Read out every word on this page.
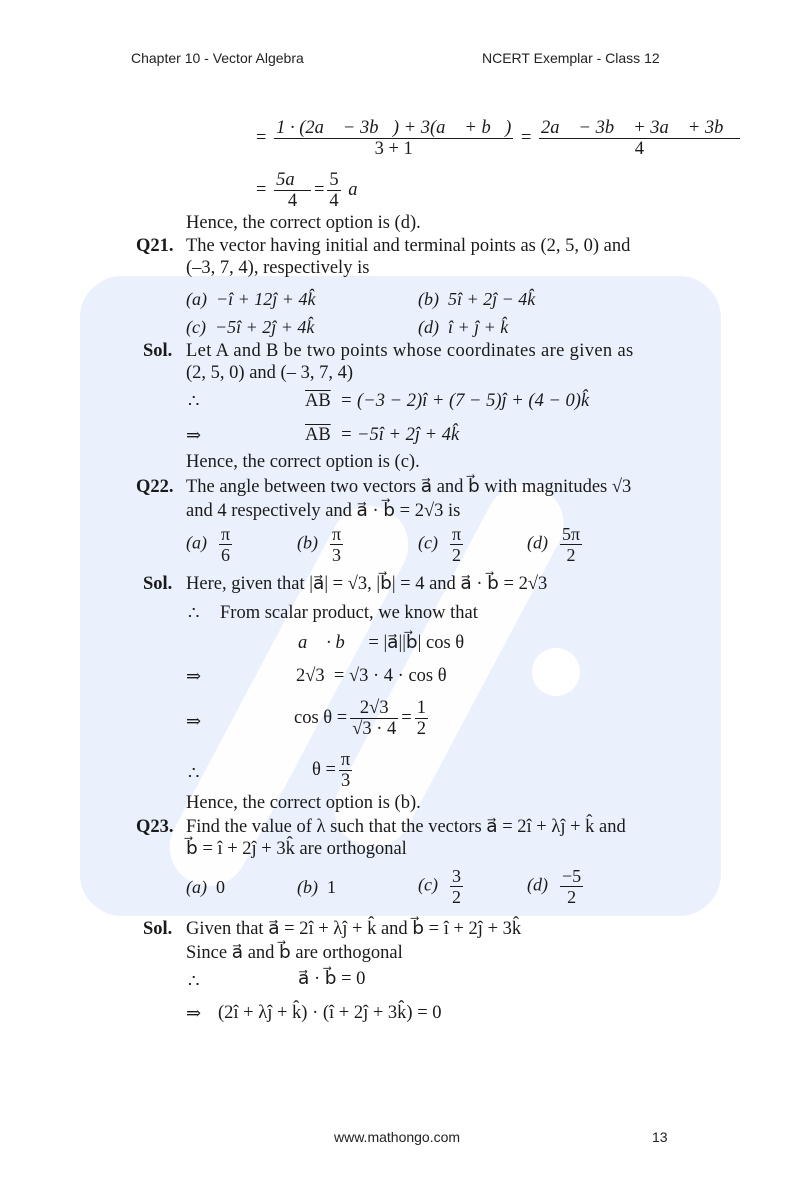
Chapter 10 - Vector Algebra	NCERT Exemplar - Class 12
= $\frac{1 \cdot (2a⃗ - 3b⃗) + 3(a⃗ + b⃗)}{3 + 1} = \frac{2a⃗ - 3b⃗ + 3a⃗ + 3b⃗}{4}$
= $\frac{5a⃗}{4} = \frac{5}{4}$ a⃗
Hence, the correct option is (d).
Q21. The vector having initial and terminal points as (2, 5, 0) and
(–3, 7, 4), respectively is
(a) −î + 12ĵ + 4k̂	(b) 5î + 2ĵ − 4k̂
(c) −5î + 2ĵ + 4k̂	(d) î + ĵ + k̂
Sol. Let A and B be two points whose coordinates are given as
(2, 5, 0) and (– 3, 7, 4)
∴	$\overline{AB} = (-3$ − 2)î + (7 − 5)ĵ + (4 − 0)k̂
⇒	$\overline{AB}$ = −5î + 2ĵ + 4k̂
Hence, the correct option is (c).
Q22. The angle between two vectors a⃗ and b⃗ with magnitudes √3
and 4 respectively and a⃗ · b⃗ = 2√3 is
$(a) \frac{\pi}{6}$	$(b) \frac{\pi}{3}$	$(c) \frac{\pi}{2}$	$(d) \frac{5\pi}{2}$
Sol. Here, given that |a⃗| = √3, |b⃗| = 4 and a⃗ · b⃗ = 2√3
∴ From scalar product, we know that
a⃗ · b⃗ = |a⃗||b⃗| cos θ
⇒	2√3 = √3 · 4 · cos θ
⇒	$\cos \theta = \frac{2√3}{√3 \cdot 4} = \frac{1}{2}$
∴	$\theta = \frac{\pi}{3}$
Hence, the correct option is (b).
Q23. Find the value of λ such that the vectors a⃗ = 2î + λĵ + k̂ and
b⃗ = î + 2ĵ + 3k̂ are orthogonal
(a) 0	(b) 1	$(c) \frac{3}{2}$	$(d) \frac{-5}{2}$
Sol. Given that a⃗ = 2î + λĵ + k̂ and b⃗ = î + 2ĵ + 3k̂
Since a⃗ and b⃗ are orthogonal
∴	a⃗ · b⃗ = 0
⇒ (2î + λĵ + k̂) · (î + 2ĵ + 3k̂) = 0
www.mathongo.com	13
